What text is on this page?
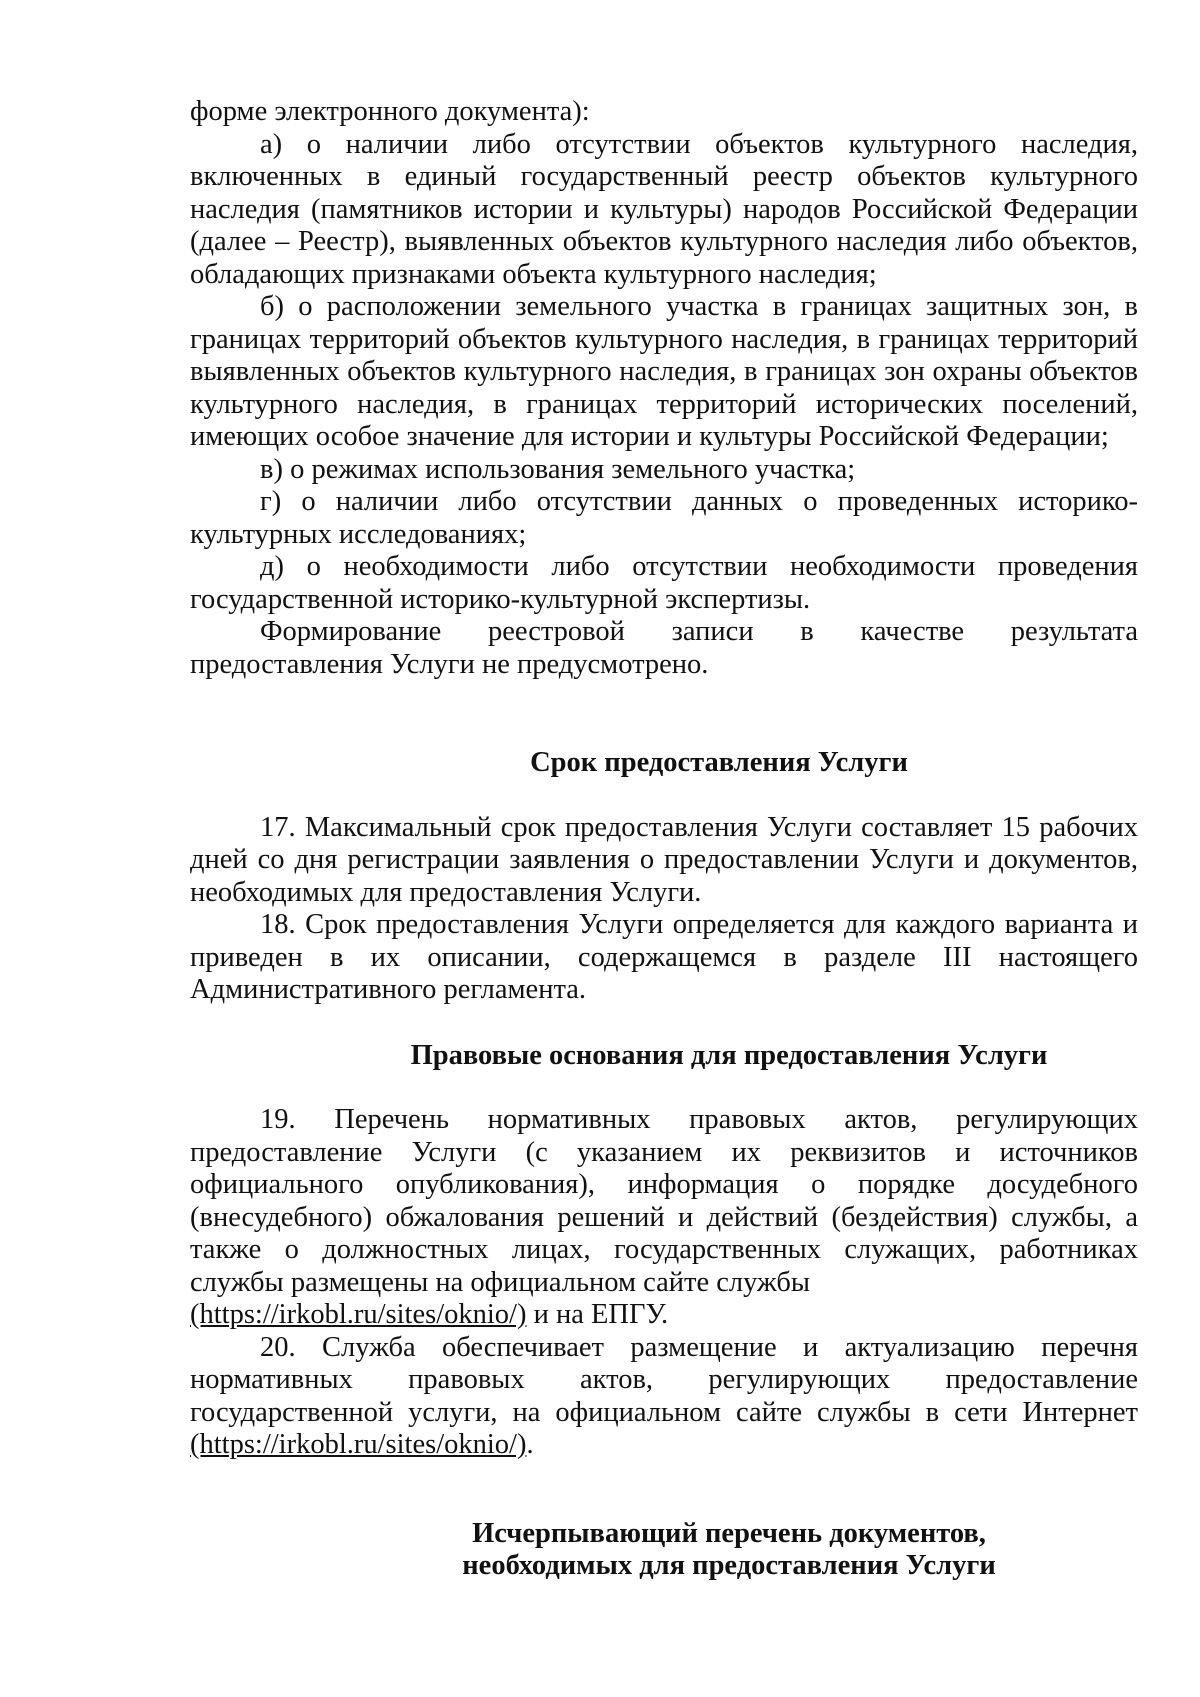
форме электронного документа):

а) о наличии либо отсутствии объектов культурного наследия, включенных в единый государственный реестр объектов культурного наследия (памятников истории и культуры) народов Российской Федерации (далее – Реестр), выявленных объектов культурного наследия либо объектов, обладающих признаками объекта культурного наследия;

б) о расположении земельного участка в границах защитных зон, в границах территорий объектов культурного наследия, в границах территорий выявленных объектов культурного наследия, в границах зон охраны объектов культурного наследия, в границах территорий исторических поселений, имеющих особое значение для истории и культуры Российской Федерации;

в) о режимах использования земельного участка;

г) о наличии либо отсутствии данных о проведенных историко-культурных исследованиях;

д) о необходимости либо отсутствии необходимости проведения государственной историко-культурной экспертизы.

Формирование реестровой записи в качестве результата предоставления Услуги не предусмотрено.

Срок предоставления Услуги

17. Максимальный срок предоставления Услуги составляет 15 рабочих дней со дня регистрации заявления о предоставлении Услуги и документов, необходимых для предоставления Услуги.

18. Срок предоставления Услуги определяется для каждого варианта и приведен в их описании, содержащемся в разделе III настоящего Административного регламента.

Правовые основания для предоставления Услуги

19. Перечень нормативных правовых актов, регулирующих предоставление Услуги (с указанием их реквизитов и источников официального опубликования), информация о порядке досудебного (внесудебного) обжалования решений и действий (бездействия) службы, а также о должностных лицах, государственных служащих, работниках службы размещены на официальном сайте службы
(https://irkobl.ru/sites/oknio/) и на ЕПГУ.

20. Служба обеспечивает размещение и актуализацию перечня нормативных правовых актов, регулирующих предоставление государственной услуги, на официальном сайте службы в сети Интернет (https://irkobl.ru/sites/oknio/).

Исчерпывающий перечень документов,
необходимых для предоставления Услуги
